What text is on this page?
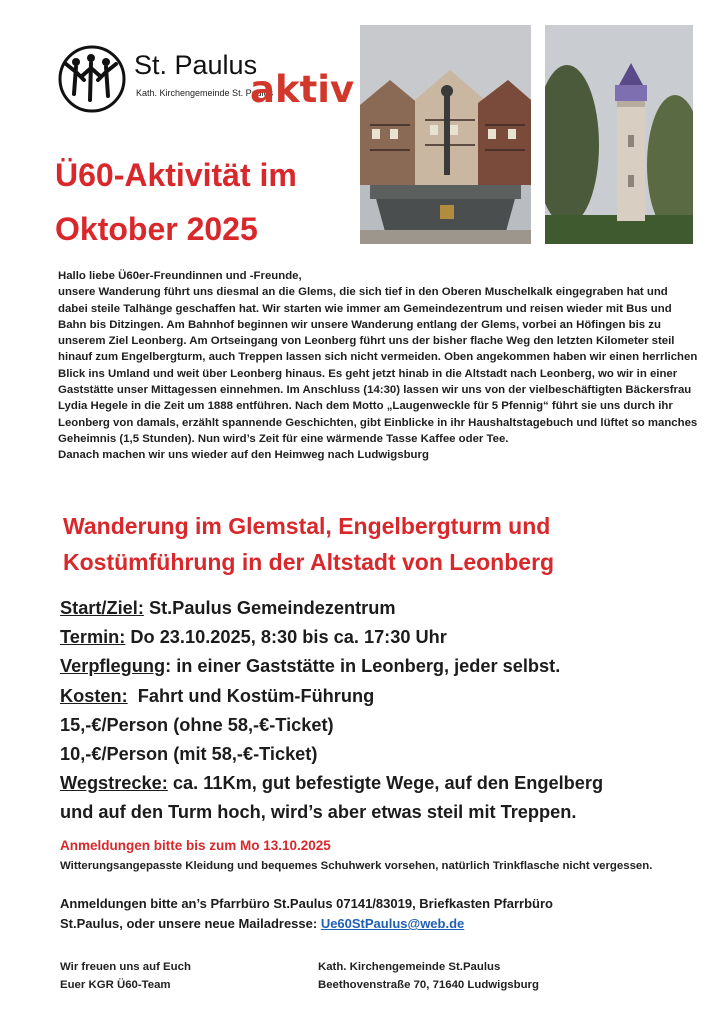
St. Paulus
Kath. Kirchengemeinde St. Paulus
aktiv
Ü60-Aktivität im
Oktober 2025

Hallo liebe Ü60er-Freundinnen und -Freunde,

unsere Wanderung führt uns diesmal an die Glems, die sich tief in den Oberen Muschelkalk eingegraben hat und dabei steile Talhänge geschaffen hat. Wir starten wie immer am Gemeindezentrum und reisen wieder mit Bus und Bahn bis Ditzingen. Am Bahnhof beginnen wir unsere Wanderung entlang der Glems, vorbei an Höfingen bis zu unserem Ziel Leonberg. Am Ortseingang von Leonberg führt uns der bisher flache Weg den letzten Kilometer steil hinauf zum Engelbergturm, auch Treppen lassen sich nicht vermeiden. Oben angekommen haben wir einen herrlichen Blick ins Umland und weit über Leonberg hinaus. Es geht jetzt hinab in die Altstadt nach Leonberg, wo wir in einer Gaststätte unser Mittagessen einnehmen. Im Anschluss (14:30) lassen wir uns von der vielbeschäftigten Bäckersfrau Lydia Hegele in die Zeit um 1888 entführen. Nach dem Motto „Laugenweckle für 5 Pfennig“ führt sie uns durch ihr Leonberg von damals, erzählt spannende Geschichten, gibt Einblicke in ihr Haushaltstagebuch und lüftet so manches Geheimnis (1,5 Stunden). Nun wird’s Zeit für eine wärmende Tasse Kaffee oder Tee.

Danach machen wir uns wieder auf den Heimweg nach Ludwigsburg

Wanderung im Glemstal, Engelbergturm und
Kostümführung in der Altstadt von Leonberg
Start/Ziel: St.Paulus Gemeindezentrum
Termin: Do 23.10.2025, 8:30 bis ca. 17:30 Uhr
Verpflegung: in einer Gaststätte in Leonberg, jeder selbst.
Kosten:  Fahrt und Kostüm-Führung
15,-€/Person (ohne 58,-€-Ticket)
10,-€/Person (mit 58,-€-Ticket)
Wegstrecke: ca. 11Km, gut befestigte Wege, auf den Engelberg
und auf den Turm hoch, wird’s aber etwas steil mit Treppen.
Anmeldungen bitte bis zum Mo 13.10.2025
Witterungsangepasste Kleidung und bequemes Schuhwerk vorsehen, natürlich Trinkflasche nicht vergessen.
Anmeldungen bitte an’s Pfarrbüro St.Paulus 07141/83019, Briefkasten Pfarrbüro
St.Paulus, oder unsere neue Mailadresse: Ue60StPaulus@web.de
Wir freuen uns auf Euch
Euer KGR Ü60-Team
Kath. Kirchengemeinde St.Paulus
Beethovenstraße 70, 71640 Ludwigsburg
